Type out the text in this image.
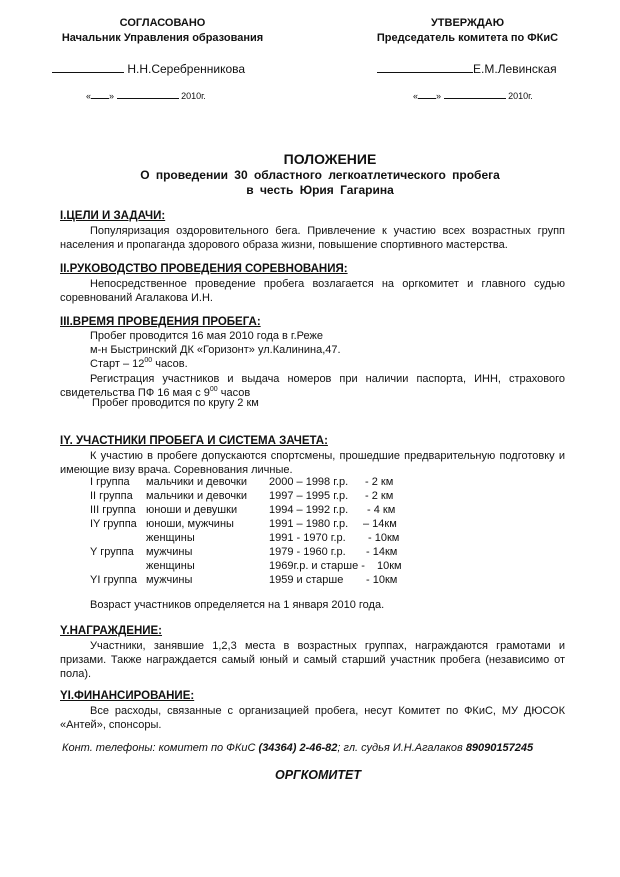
СОГЛАСОВАНО
Начальник Управления образования
Н.Н.Серебренникова
« »	2010г.
УТВЕРЖДАЮ
Председатель комитета по ФКиС
Е.М.Левинская
« »	2010г.
ПОЛОЖЕНИЕ
О проведении 30 областного легкоатлетического пробега
в честь Юрия Гагарина
I.ЦЕЛИ И ЗАДАЧИ:
Популяризация оздоровительного бега. Привлечение к участию всех возрастных групп населения и пропаганда здорового образа жизни, повышение спортивного мастерства.
II.РУКОВОДСТВО ПРОВЕДЕНИЯ СОРЕВНОВАНИЯ:
Непосредственное проведение пробега возлагается на оргкомитет и главного судью соревнований Агалакова И.Н.
III.ВРЕМЯ ПРОВЕДЕНИЯ ПРОБЕГА:
Пробег проводится 16 мая 2010 года в г.Реже
м-н Быстринский ДК «Горизонт» ул.Калинина,47.
Старт – $12^{00}$ часов.
Регистрация участников и выдача номеров при наличии паспорта, ИНН, страхового свидетельства ПФ 16 мая с $9^{00}$ часов
Пробег проводится по кругу 2 км
IY. УЧАСТНИКИ ПРОБЕГА И СИСТЕМА ЗАЧЕТА:
К участию в пробеге допускаются спортсмены, прошедшие предварительную подготовку и имеющие визу врача. Соревнования личные.
I группа мальчики и девочки 2000 – 1998 г.р. - 2 км
II группа мальчики и девочки 1997 – 1995 г.р. - 2 км
III группа юноши и девушки	1994 – 1992 г.р. - 4 км
IY группа юноши, мужчины	1991 – 1980 г.р. – 14км
женщины	1991 - 1970 г.р. - 10км
Y группа мужчины	1979 - 1960 г.р. - 14км
женщины	1969г.р. и старше - 10км
YI группа мужчины	1959 и старше - 10км
Возраст участников определяется на 1 января 2010 года.
Y.НАГРАЖДЕНИЕ:
Участники, занявшие 1,2,3 места в возрастных группах, награждаются грамотами и призами. Также награждается самый юный и самый старший участник пробега (независимо от пола).
YI.ФИНАНСИРОВАНИЕ:
Все расходы, связанные с организацией пробега, несут Комитет по ФКиС, МУ ДЮСОК «Антей», спонсоры.
Конт. телефоны: комитет по ФКиС (34364) 2-46-82; гл. судья И.Н.Агалаков 89090157245
ОРГКОМИТЕТ
